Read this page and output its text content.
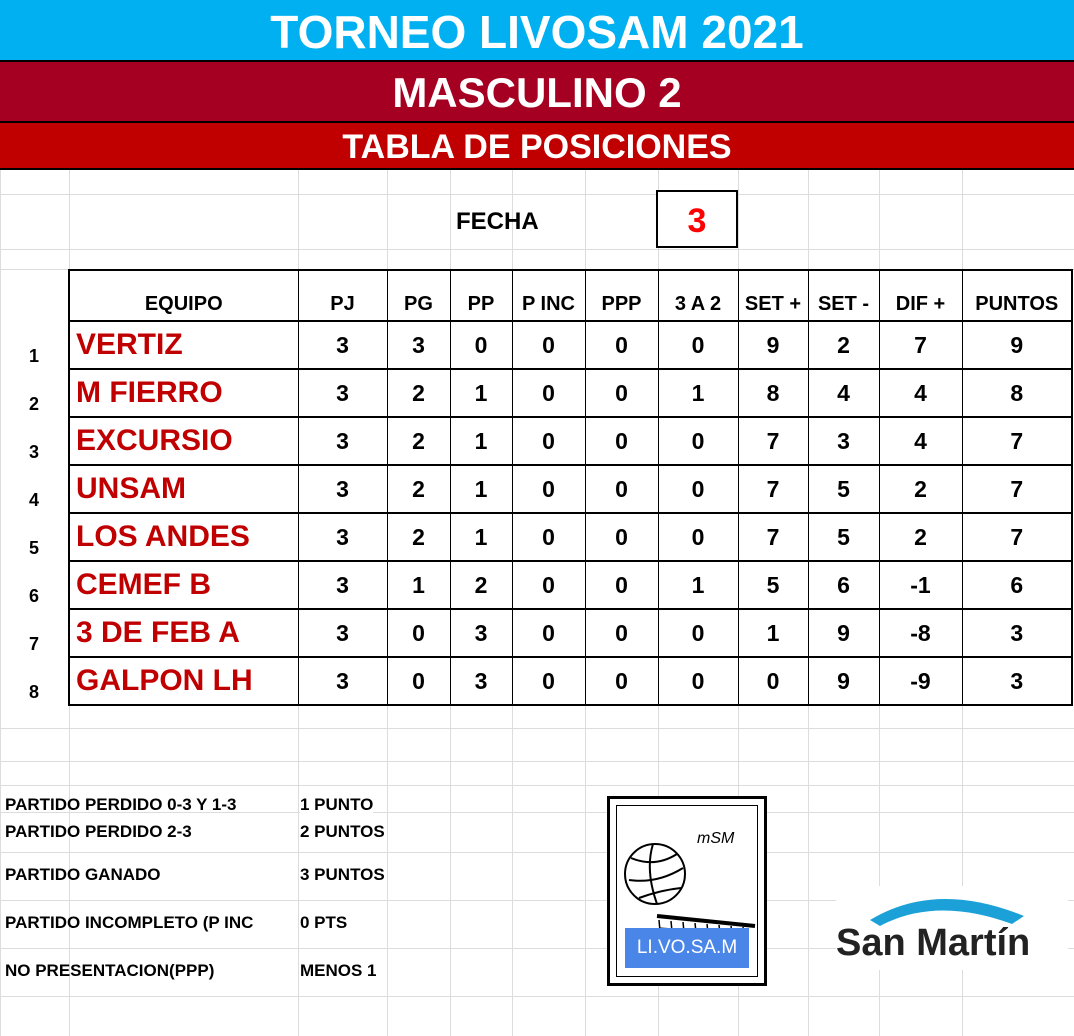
TORNEO LIVOSAM 2021
MASCULINO 2
TABLA DE POSICIONES
FECHA	3
	EQUIPO	PJ	PG	PP	P INC	PPP	3 A 2	SET +	SET -	DIF +	PUNTOS
1	VERTIZ	3	3	0	0	0	0	9	2	7	9
2	M FIERRO	3	2	1	0	0	1	8	4	4	8
3	EXCURSIO	3	2	1	0	0	0	7	3	4	7
4	UNSAM	3	2	1	0	0	0	7	5	2	7
5	LOS ANDES	3	2	1	0	0	0	7	5	2	7
6	CEMEF B	3	1	2	0	0	1	5	6	-1	6
7	3 DE FEB A	3	0	3	0	0	0	1	9	-8	3
8	GALPON LH	3	0	3	0	0	0	0	9	-9	3
PARTIDO PERDIDO 0-3 Y 1-3	1 PUNTO
PARTIDO PERDIDO 2-3	2 PUNTOS
PARTIDO GANADO	3 PUNTOS
PARTIDO INCOMPLETO (P INC	0 PTS
NO PRESENTACION(PPP)	MENOS 1
mSM
LI.VO.SA.M	San Martín
